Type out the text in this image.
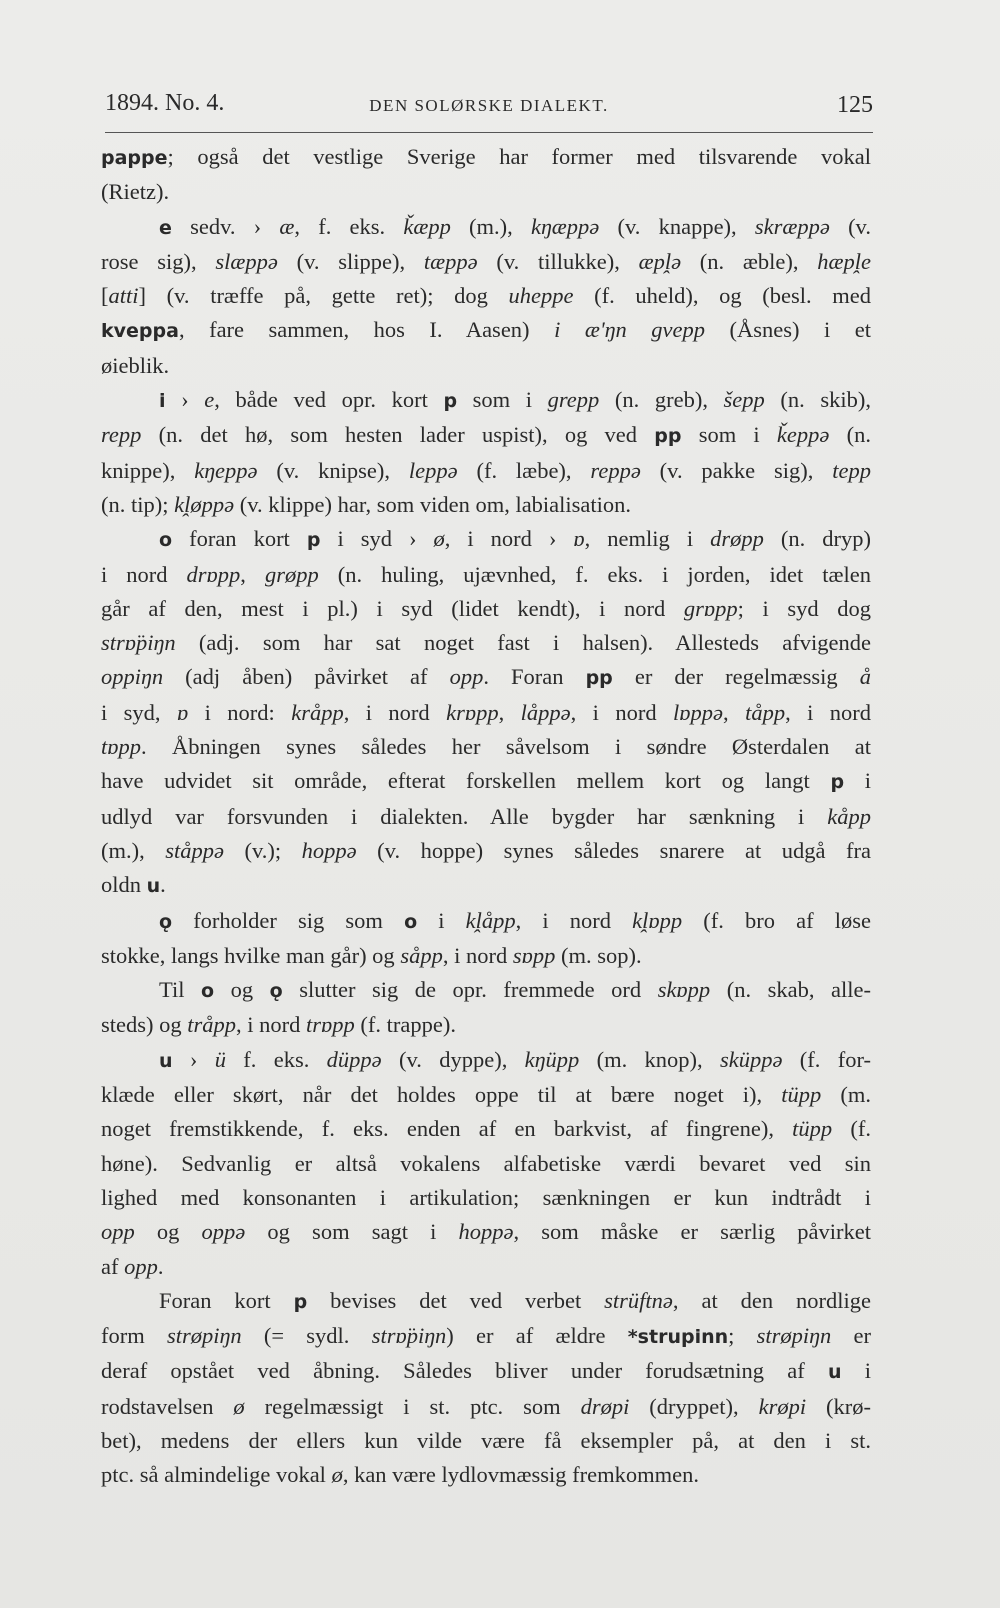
1894. No. 4.	DEN SOLØRSKE DIALEKT.	125
pappe; også det vestlige Sverige har former med tilsvarende vokal
(Rietz).
e sedv. › æ, f. eks. ǩæpp (m.), kŋæppə (v. knappe), skræppə (v.
rose sig), slæppə (v. slippe), tæppə (v. tillukke), æpḽə (n. æble), hæpḽe
[atti] (v. træffe på, gette ret); dog uheppe (f. uheld), og (besl. med
kveppa, fare sammen, hos I. Aasen) i æ'ŋn gvepp (Åsnes) i et
øieblik.
i › e, både ved opr. kort p som i grepp (n. greb), šepp (n. skib),
repp (n. det hø, som hesten lader uspist), og ved pp som i ǩeppə (n.
knippe), kŋeppə (v. knipse), leppə (f. læbe), reppə (v. pakke sig), tepp
(n. tip); kḽøppə (v. klippe) har, som viden om, labialisation.
o foran kort p i syd › ø, i nord › ɒ, nemlig i drøpp (n. dryp)
i nord drɒpp, grøpp (n. huling, ujævnhed, f. eks. i jorden, idet tælen
går af den, mest i pl.) i syd (lidet kendt), i nord grɒpp; i syd dog
strɒ̈piŋn (adj. som har sat noget fast i halsen). Allesteds afvigende
oppiŋn (adj åben) påvirket af opp. Foran pp er der regelmæssig å
i syd, ɒ i nord: kråpp, i nord krɒpp, låppə, i nord lɒppə, tåpp, i nord
tɒpp. Åbningen synes således her såvelsom i søndre Østerdalen at
have udvidet sit område, efterat forskellen mellem kort og langt p i
udlyd var forsvunden i dialekten. Alle bygder har sænkning i kåpp
(m.), ståppə (v.); hoppə (v. hoppe) synes således snarere at udgå fra
oldn u.
ǫ forholder sig som o i kḽåpp, i nord kḽɒpp (f. bro af løse
stokke, langs hvilke man går) og såpp, i nord sɒpp (m. sop).
Til o og ǫ slutter sig de opr. fremmede ord skɒpp (n. skab, alle-
steds) og tråpp, i nord trɒpp (f. trappe).
u › ü f. eks. düppə (v. dyppe), kŋüpp (m. knop), sküppə (f. for-
klæde eller skørt, når det holdes oppe til at bære noget i), tüpp (m.
noget fremstikkende, f. eks. enden af en barkvist, af fingrene), tüpp (f.
høne). Sedvanlig er altså vokalens alfabetiske værdi bevaret ved sin
lighed med konsonanten i artikulation; sænkningen er kun indtrådt i
opp og oppə og som sagt i hoppə, som måske er særlig påvirket
af opp.
Foran kort p bevises det ved verbet strüftnə, at den nordlige
form strøpiŋn (= sydl. strɒ̈piŋn) er af ældre *strupinn; strøpiŋn er
deraf opstået ved åbning. Således bliver under forudsætning af u i
rodstavelsen ø regelmæssigt i st. ptc. som drøpi (dryppet), krøpi (krø-
bet), medens der ellers kun vilde være få eksempler på, at den i st.
ptc. så almindelige vokal ø, kan være lydlovmæssig fremkommen.
